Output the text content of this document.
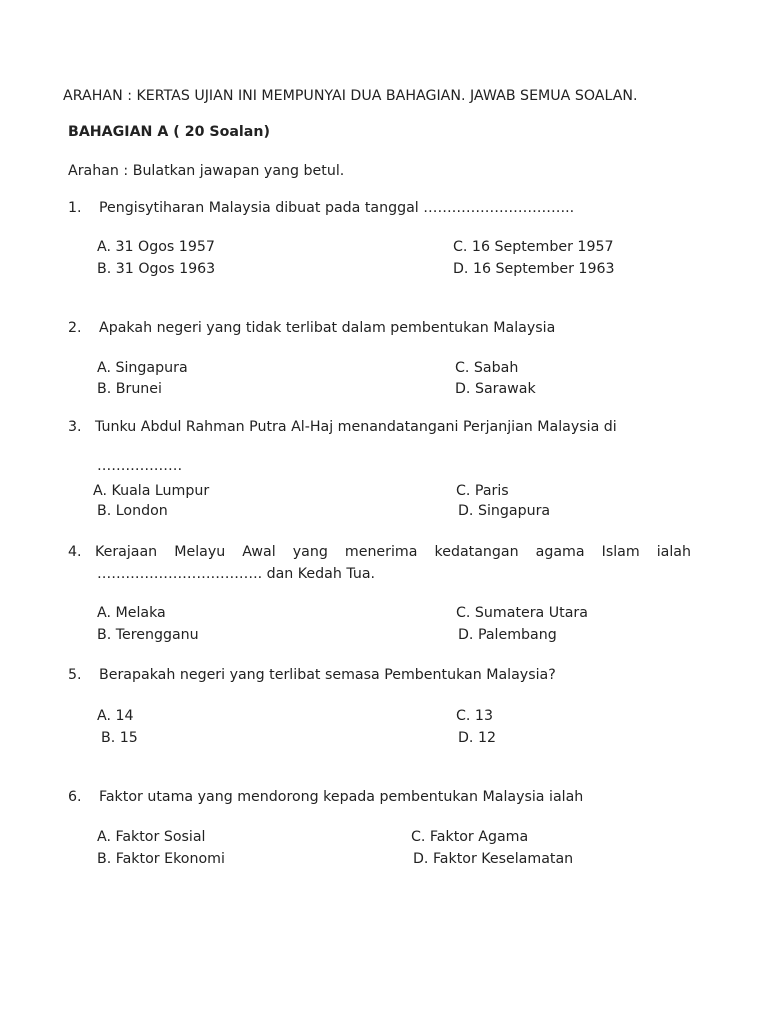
ARAHAN : KERTAS UJIAN INI MEMPUNYAI DUA BAHAGIAN. JAWAB SEMUA SOALAN.
BAHAGIAN A ( 20 Soalan)
Arahan : Bulatkan jawapan yang betul.
1. Pengisytiharan Malaysia dibuat pada tanggal …………………………..
A. 31 Ogos 1957
B. 31 Ogos 1963
C. 16 September 1957
D. 16 September 1963
2. Apakah negeri yang tidak terlibat dalam pembentukan Malaysia
A. Singapura
B. Brunei
C. Sabah
D. Sarawak
3. Tunku Abdul Rahman Putra Al-Haj menandatangani Perjanjian Malaysia di
………………
A. Kuala Lumpur
B. London
C. Paris
D. Singapura
4. Kerajaan Melayu Awal yang menerima kedatangan agama Islam ialah
…………………………….. dan Kedah Tua.
A. Melaka
B. Terengganu
C. Sumatera Utara
D. Palembang
5. Berapakah negeri yang terlibat semasa Pembentukan Malaysia?
A. 14
B. 15
C. 13
D. 12
6. Faktor utama yang mendorong kepada pembentukan Malaysia ialah
A. Faktor Sosial
B. Faktor Ekonomi
C. Faktor Agama
D. Faktor Keselamatan
